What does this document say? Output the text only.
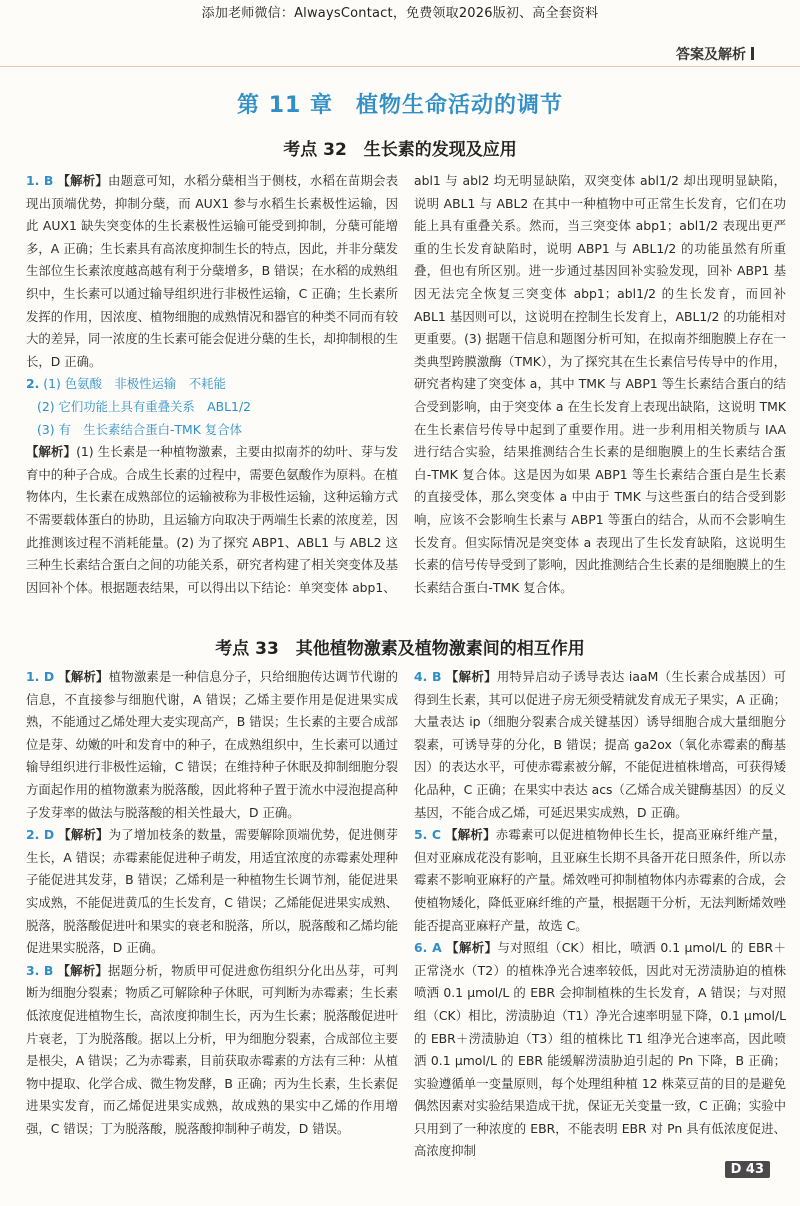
添加老师微信：AlwaysContact，免费领取2026版初、高全套资料
答案及解析
第 11 章　植物生命活动的调节
考点 32　生长素的发现及应用

1. B 【解析】由题意可知，水稻分蘖相当于侧枝，水稻在苗期会表现出顶端优势，抑制分蘖，而 AUX1 参与水稻生长素极性运输，因此 AUX1 缺失突变体的生长素极性运输可能受到抑制，分蘖可能增多，A 正确；生长素具有高浓度抑制生长的特点，因此，并非分蘖发生部位生长素浓度越高越有利于分蘖增多，B 错误；在水稻的成熟组织中，生长素可以通过输导组织进行非极性运输，C 正确；生长素所发挥的作用，因浓度、植物细胞的成熟情况和器官的种类不同而有较大的差异，同一浓度的生长素可能会促进分蘖的生长，却抑制根的生长，D 正确。

2. (1) 色氨酸　非极性运输　不耗能

(2) 它们功能上具有重叠关系　ABL1/2

(3) 有　生长素结合蛋白-TMK 复合体

【解析】(1) 生长素是一种植物激素，主要由拟南芥的幼叶、芽与发育中的种子合成。合成生长素的过程中，需要色氨酸作为原料。在植物体内，生长素在成熟部位的运输被称为非极性运输，这种运输方式不需要载体蛋白的协助，且运输方向取决于两端生长素的浓度差，因此推测该过程不消耗能量。(2) 为了探究 ABP1、ABL1 与 ABL2 这三种生长素结合蛋白之间的功能关系，研究者构建了相关突变体及基因回补个体。根据题表结果，可以得出以下结论：单突变体 abp1、

abl1 与 abl2 均无明显缺陷，双突变体 abl1/2 却出现明显缺陷，说明 ABL1 与 ABL2 在其中一种植物中可正常生长发育，它们在功能上具有重叠关系。然而，当三突变体 abp1；abl1/2 表现出更严重的生长发育缺陷时，说明 ABP1 与 ABL1/2 的功能虽然有所重叠，但也有所区别。进一步通过基因回补实验发现，回补 ABP1 基因无法完全恢复三突变体 abp1；abl1/2 的生长发育，而回补 ABL1 基因则可以，这说明在控制生长发育上，ABL1/2 的功能相对更重要。(3) 据题干信息和题图分析可知，在拟南芥细胞膜上存在一类典型跨膜激酶（TMK），为了探究其在生长素信号传导中的作用，研究者构建了突变体 a，其中 TMK 与 ABP1 等生长素结合蛋白的结合受到影响，由于突变体 a 在生长发育上表现出缺陷，这说明 TMK 在生长素信号传导中起到了重要作用。进一步利用相关物质与 IAA 进行结合实验，结果推测结合生长素的是细胞膜上的生长素结合蛋白-TMK 复合体。这是因为如果 ABP1 等生长素结合蛋白是生长素的直接受体，那么突变体 a 中由于 TMK 与这些蛋白的结合受到影响，应该不会影响生长素与 ABP1 等蛋白的结合，从而不会影响生长发育。但实际情况是突变体 a 表现出了生长发育缺陷，这说明生长素的信号传导受到了影响，因此推测结合生长素的是细胞膜上的生长素结合蛋白-TMK 复合体。

考点 33　其他植物激素及植物激素间的相互作用

1. D 【解析】植物激素是一种信息分子，只给细胞传达调节代谢的信息，不直接参与细胞代谢，A 错误；乙烯主要作用是促进果实成熟，不能通过乙烯处理大麦实现高产，B 错误；生长素的主要合成部位是芽、幼嫩的叶和发育中的种子，在成熟组织中，生长素可以通过输导组织进行非极性运输，C 错误；在维持种子休眠及抑制细胞分裂方面起作用的植物激素为脱落酸，因此将种子置于流水中浸泡提高种子发芽率的做法与脱落酸的相关性最大，D 正确。

2. D 【解析】为了增加枝条的数量，需要解除顶端优势，促进侧芽生长，A 错误；赤霉素能促进种子萌发，用适宜浓度的赤霉素处理种子能促进其发芽，B 错误；乙烯利是一种植物生长调节剂，能促进果实成熟，不能促进黄瓜的生长发育，C 错误；乙烯能促进果实成熟、脱落，脱落酸促进叶和果实的衰老和脱落，所以，脱落酸和乙烯均能促进果实脱落，D 正确。

3. B 【解析】据题分析，物质甲可促进愈伤组织分化出丛芽，可判断为细胞分裂素；物质乙可解除种子休眠，可判断为赤霉素；生长素低浓度促进植物生长，高浓度抑制生长，丙为生长素；脱落酸促进叶片衰老，丁为脱落酸。据以上分析，甲为细胞分裂素，合成部位主要是根尖，A 错误；乙为赤霉素，目前获取赤霉素的方法有三种：从植物中提取、化学合成、微生物发酵，B 正确；丙为生长素，生长素促进果实发育，而乙烯促进果实成熟，故成熟的果实中乙烯的作用增强，C 错误；丁为脱落酸，脱落酸抑制种子萌发，D 错误。

4. B 【解析】用特异启动子诱导表达 iaaM（生长素合成基因）可得到生长素，其可以促进子房无须受精就发育成无子果实，A 正确；大量表达 ip（细胞分裂素合成关键基因）诱导细胞合成大量细胞分裂素，可诱导芽的分化，B 错误；提高 ga2ox（氧化赤霉素的酶基因）的表达水平，可使赤霉素被分解，不能促进植株增高，可获得矮化品种，C 正确；在果实中表达 acs（乙烯合成关键酶基因）的反义基因，不能合成乙烯，可延迟果实成熟，D 正确。

5. C 【解析】赤霉素可以促进植物伸长生长，提高亚麻纤维产量，但对亚麻成花没有影响，且亚麻生长期不具备开花日照条件，所以赤霉素不影响亚麻籽的产量。烯效唑可抑制植物体内赤霉素的合成，会使植物矮化，降低亚麻纤维的产量，根据题干分析，无法判断烯效唑能否提高亚麻籽产量，故选 C。

6. A 【解析】与对照组（CK）相比，喷洒 0.1 μmol/L 的 EBR＋正常浇水（T2）的植株净光合速率较低，因此对无涝渍胁迫的植株喷洒 0.1 μmol/L 的 EBR 会抑制植株的生长发育，A 错误；与对照组（CK）相比，涝渍胁迫（T1）净光合速率明显下降，0.1 μmol/L 的 EBR＋涝渍胁迫（T3）组的植株比 T1 组净光合速率高，因此喷洒 0.1 μmol/L 的 EBR 能缓解涝渍胁迫引起的 Pn 下降，B 正确；实验遵循单一变量原则，每个处理组种植 12 株菜豆苗的目的是避免偶然因素对实验结果造成干扰，保证无关变量一致，C 正确；实验中只用到了一种浓度的 EBR，不能表明 EBR 对 Pn 具有低浓度促进、高浓度抑制

D 43
